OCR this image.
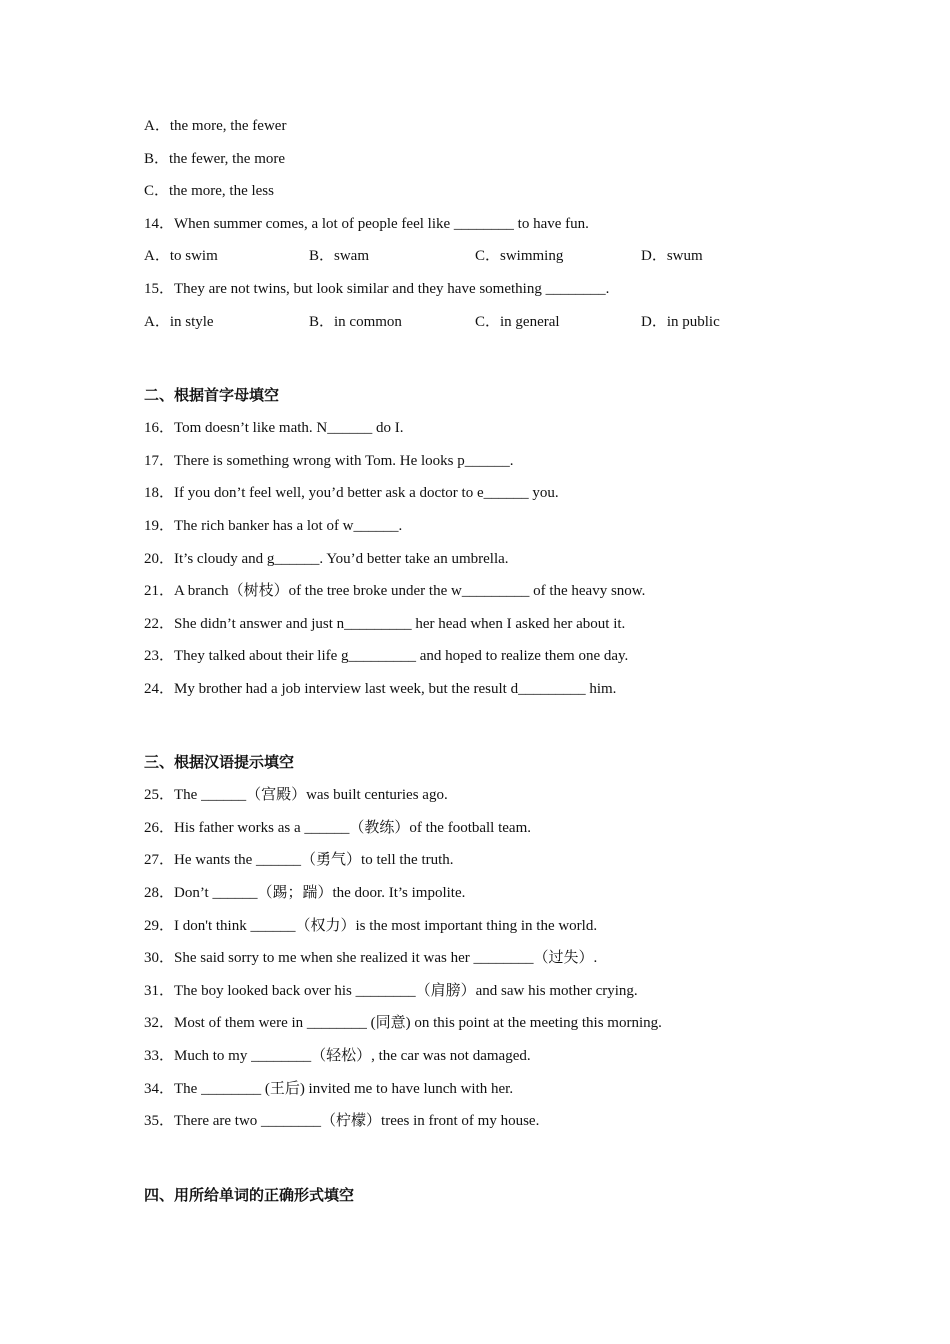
A．the more, the fewer
B．the fewer, the more
C．the more, the less
14．When summer comes, a lot of people feel like ________ to have fun.
A．to swim	B．swam	C．swimming	D．swum
15．They are not twins, but look similar and they have something ________.
A．in style	B．in common	C．in general	D．in public
二、根据首字母填空
16．Tom doesn’t like math. N______ do I.
17．There is something wrong with Tom. He looks p______.
18．If you don’t feel well, you’d better ask a doctor to e______ you.
19．The rich banker has a lot of w______.
20．It’s cloudy and g______. You’d better take an umbrella.
21．A branch（树枝）of the tree broke under the w_________ of the heavy snow.
22．She didn’t answer and just n_________ her head when I asked her about it.
23．They talked about their life g_________ and hoped to realize them one day.
24．My brother had a job interview last week, but the result d_________ him.
三、根据汉语提示填空
25．The ______（宫殿）was built centuries ago.
26．His father works as a ______（教练）of the football team.
27．He wants the ______（勇气）to tell the truth.
28．Don’t ______（踢；踹）the door. It’s impolite.
29．I don't think ______（权力）is the most important thing in the world.
30．She said sorry to me when she realized it was her ________（过失）.
31．The boy looked back over his ________（肩膀）and saw his mother crying.
32．Most of them were in ________ (同意) on this point at the meeting this morning.
33．Much to my ________（轻松）, the car was not damaged.
34．The ________ (王后) invited me to have lunch with her.
35．There are two ________（柠檬）trees in front of my house.
四、用所给单词的正确形式填空
